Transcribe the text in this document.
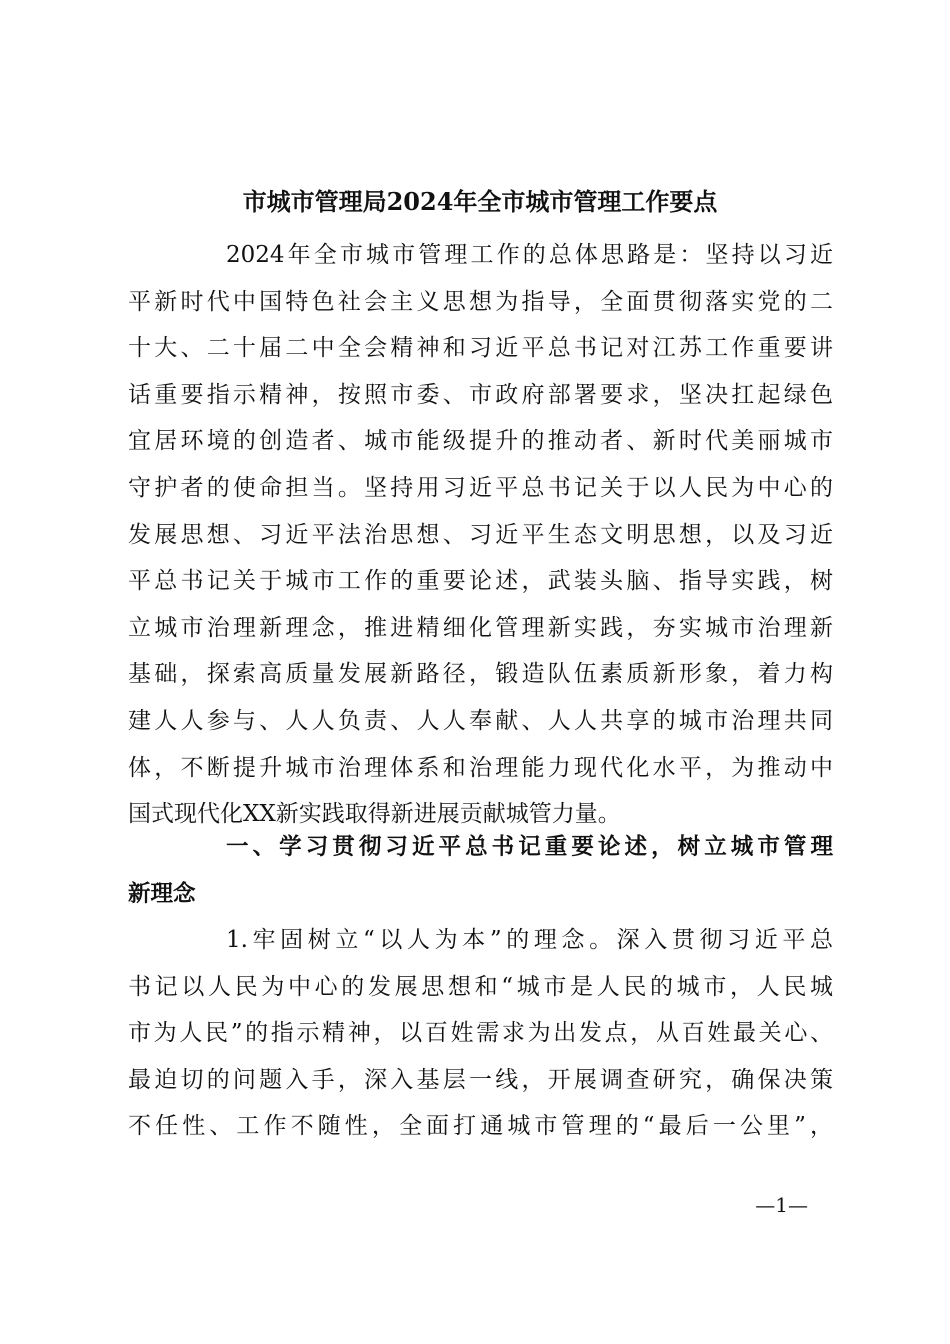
市城市管理局2024年全市城市管理工作要点
2024年全市城市管理工作的总体思路是：坚持以习近
平新时代中国特色社会主义思想为指导，全面贯彻落实党的二
十大、二十届二中全会精神和习近平总书记对江苏工作重要讲
话重要指示精神，按照市委、市政府部署要求，坚决扛起绿色
宜居环境的创造者、城市能级提升的推动者、新时代美丽城市
守护者的使命担当。坚持用习近平总书记关于以人民为中心的
发展思想、习近平法治思想、习近平生态文明思想，以及习近
平总书记关于城市工作的重要论述，武装头脑、指导实践，树
立城市治理新理念，推进精细化管理新实践，夯实城市治理新
基础，探索高质量发展新路径，锻造队伍素质新形象，着力构
建人人参与、人人负责、人人奉献、人人共享的城市治理共同
体，不断提升城市治理体系和治理能力现代化水平，为推动中
国式现代化XX新实践取得新进展贡献城管力量。
一、学习贯彻习近平总书记重要论述，树立城市管理
新理念
1.牢固树立“以人为本”的理念。深入贯彻习近平总
书记以人民为中心的发展思想和“城市是人民的城市，人民城
市为人民”的指示精神，以百姓需求为出发点，从百姓最关心、
最迫切的问题入手，深入基层一线，开展调查研究，确保决策
不任性、工作不随性，全面打通城市管理的“最后一公里”，
—1—
